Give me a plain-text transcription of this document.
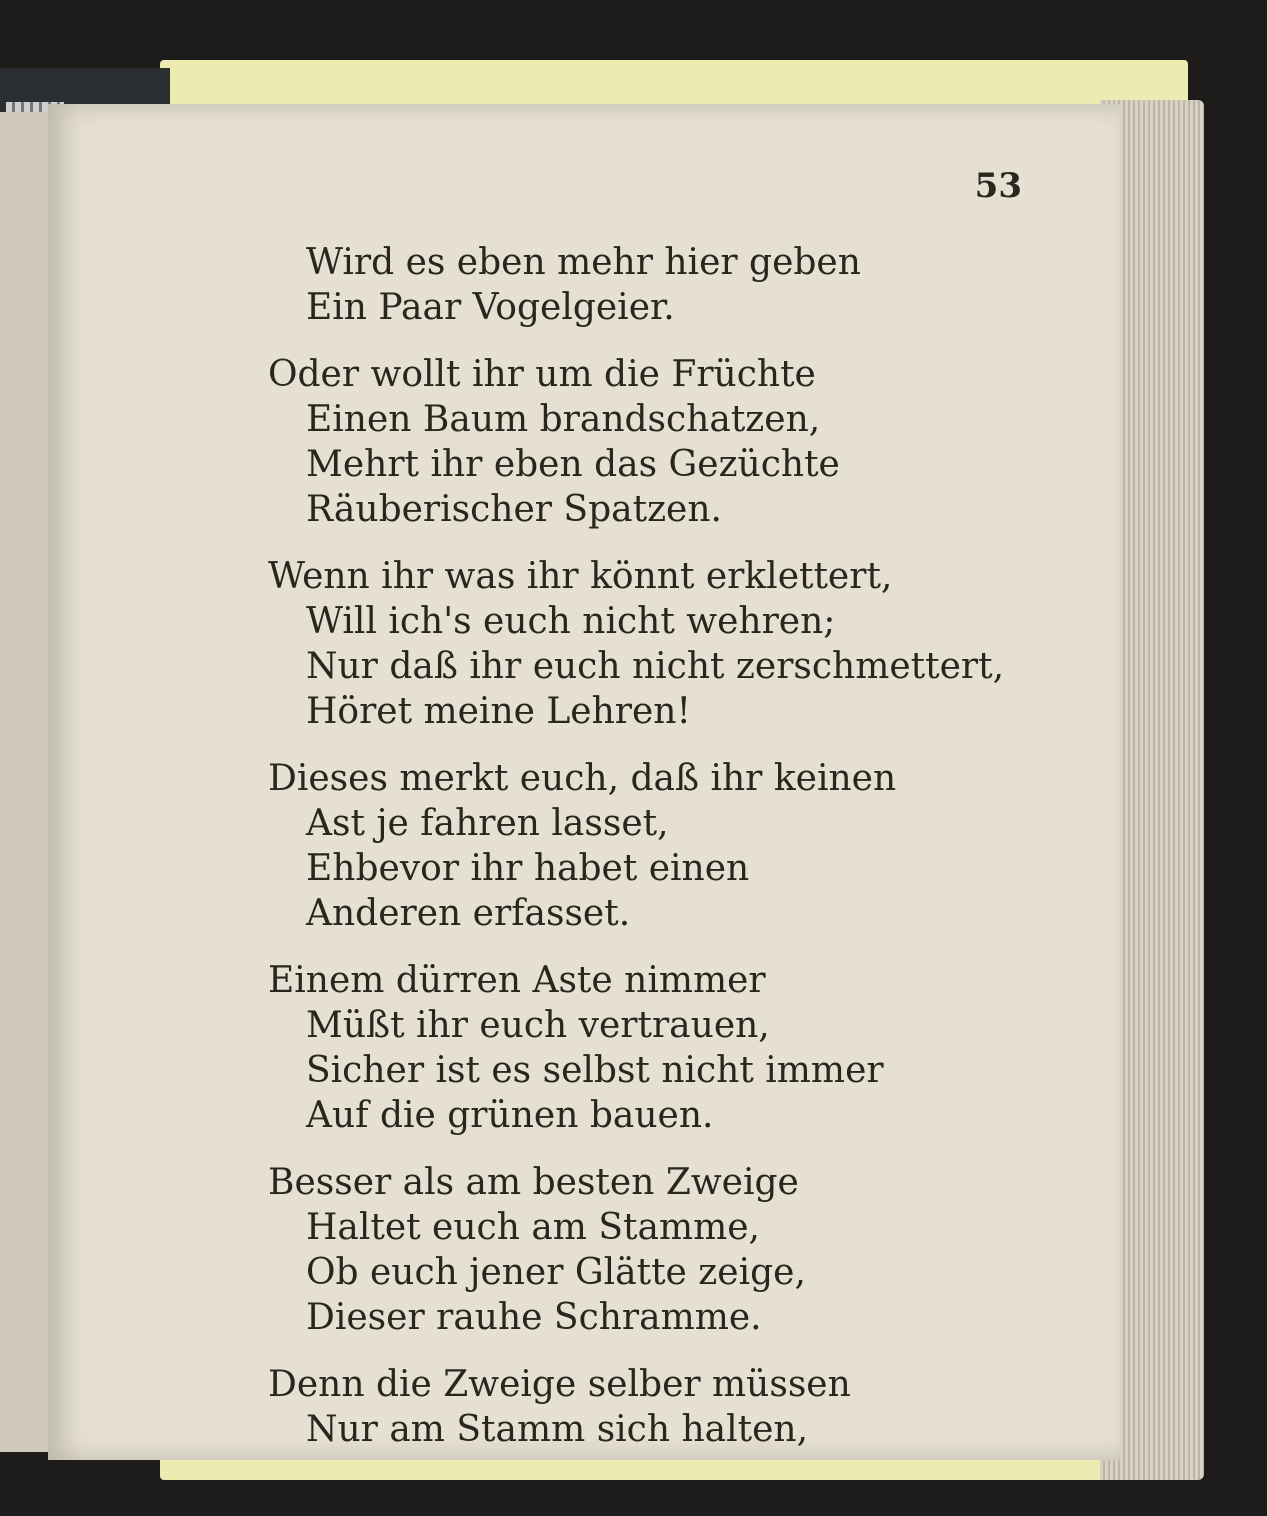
53
Wird es eben mehr hier geben
Ein Paar Vogelgeier.
Oder wollt ihr um die Früchte
Einen Baum brandschatzen,
Mehrt ihr eben das Gezüchte
Räuberischer Spatzen.
Wenn ihr was ihr könnt erklettert,
Will ich's euch nicht wehren;
Nur daß ihr euch nicht zerschmettert,
Höret meine Lehren!
Dieses merkt euch, daß ihr keinen
Ast je fahren lasset,
Ehbevor ihr habet einen
Anderen erfasset.
Einem dürren Aste nimmer
Müßt ihr euch vertrauen,
Sicher ist es selbst nicht immer
Auf die grünen bauen.
Besser als am besten Zweige
Haltet euch am Stamme,
Ob euch jener Glätte zeige,
Dieser rauhe Schramme.
Denn die Zweige selber müssen
Nur am Stamm sich halten,
